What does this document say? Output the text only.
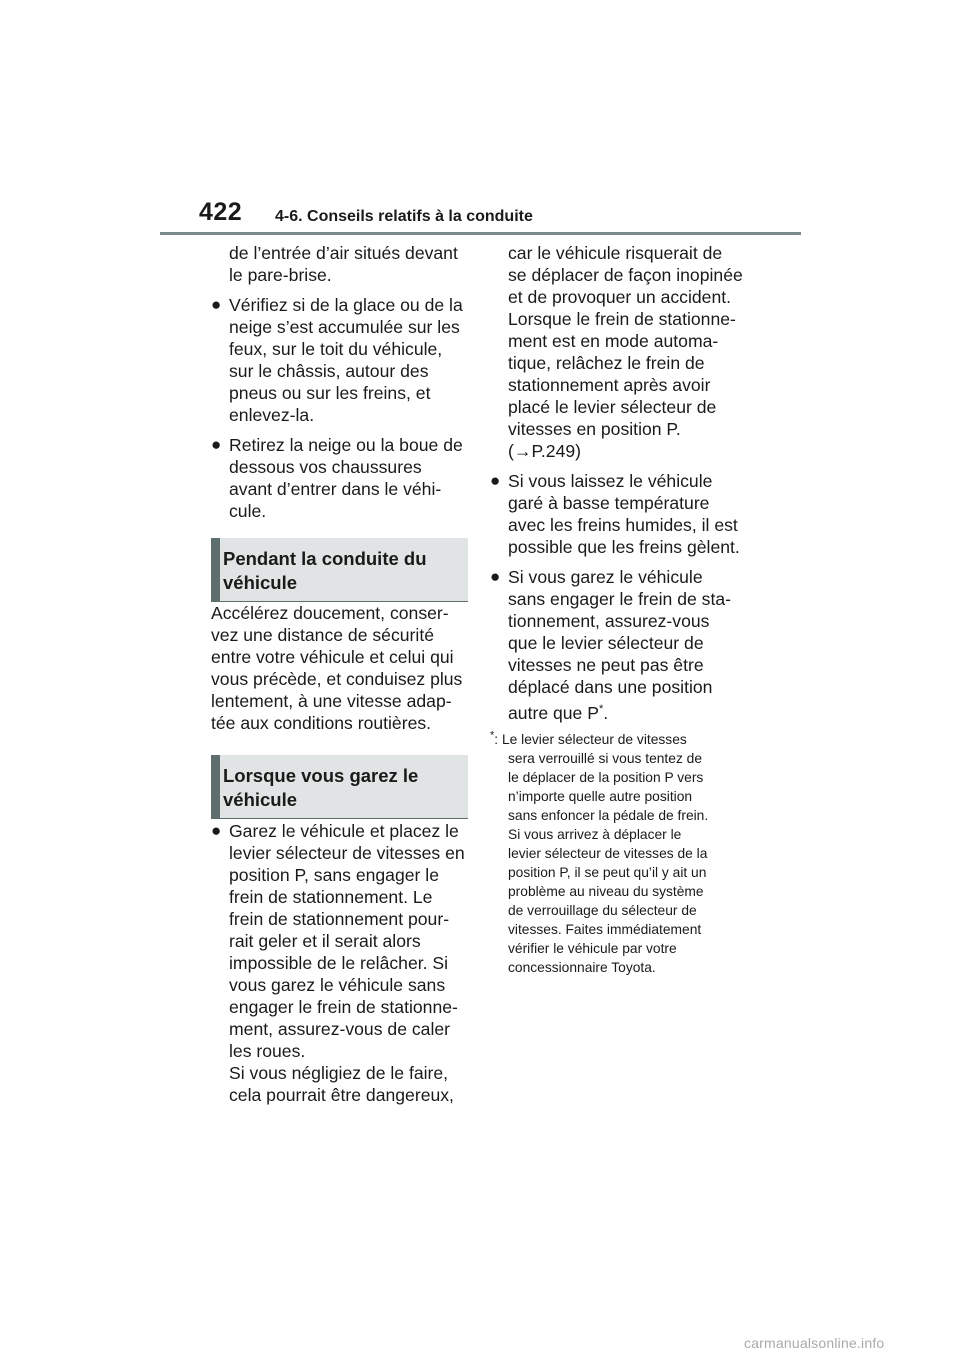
422 4-6. Conseils relatifs à la conduite
de l’entrée d’air situés devant
le pare-brise.
● Vérifiez si de la glace ou de la
neige s’est accumulée sur les
feux, sur le toit du véhicule,
sur le châssis, autour des
pneus ou sur les freins, et
enlevez-la.
● Retirez la neige ou la boue de
dessous vos chaussures
avant d’entrer dans le véhi-
cule.
Pendant la conduite du
véhicule
Accélérez doucement, conser-
vez une distance de sécurité
entre votre véhicule et celui qui
vous précède, et conduisez plus
lentement, à une vitesse adap-
tée aux conditions routières.
Lorsque vous garez le
véhicule
● Garez le véhicule et placez le
levier sélecteur de vitesses en
position P, sans engager le
frein de stationnement. Le
frein de stationnement pour-
rait geler et il serait alors
impossible de le relâcher. Si
vous garez le véhicule sans
engager le frein de stationne-
ment, assurez-vous de caler
les roues.
Si vous négligiez de le faire,
cela pourrait être dangereux,
car le véhicule risquerait de
se déplacer de façon inopinée
et de provoquer un accident.
Lorsque le frein de stationne-
ment est en mode automa-
tique, relâchez le frein de
stationnement après avoir
placé le levier sélecteur de
vitesses en position P.
(→P.249)
● Si vous laissez le véhicule
garé à basse température
avec les freins humides, il est
possible que les freins gèlent.
● Si vous garez le véhicule
sans engager le frein de sta-
tionnement, assurez-vous
que le levier sélecteur de
vitesses ne peut pas être
déplacé dans une position
autre que P*.
*: Le levier sélecteur de vitesses
sera verrouillé si vous tentez de
le déplacer de la position P vers
n’importe quelle autre position
sans enfoncer la pédale de frein.
Si vous arrivez à déplacer le
levier sélecteur de vitesses de la
position P, il se peut qu’il y ait un
problème au niveau du système
de verrouillage du sélecteur de
vitesses. Faites immédiatement
vérifier le véhicule par votre
concessionnaire Toyota.
carmanualsonline.info
